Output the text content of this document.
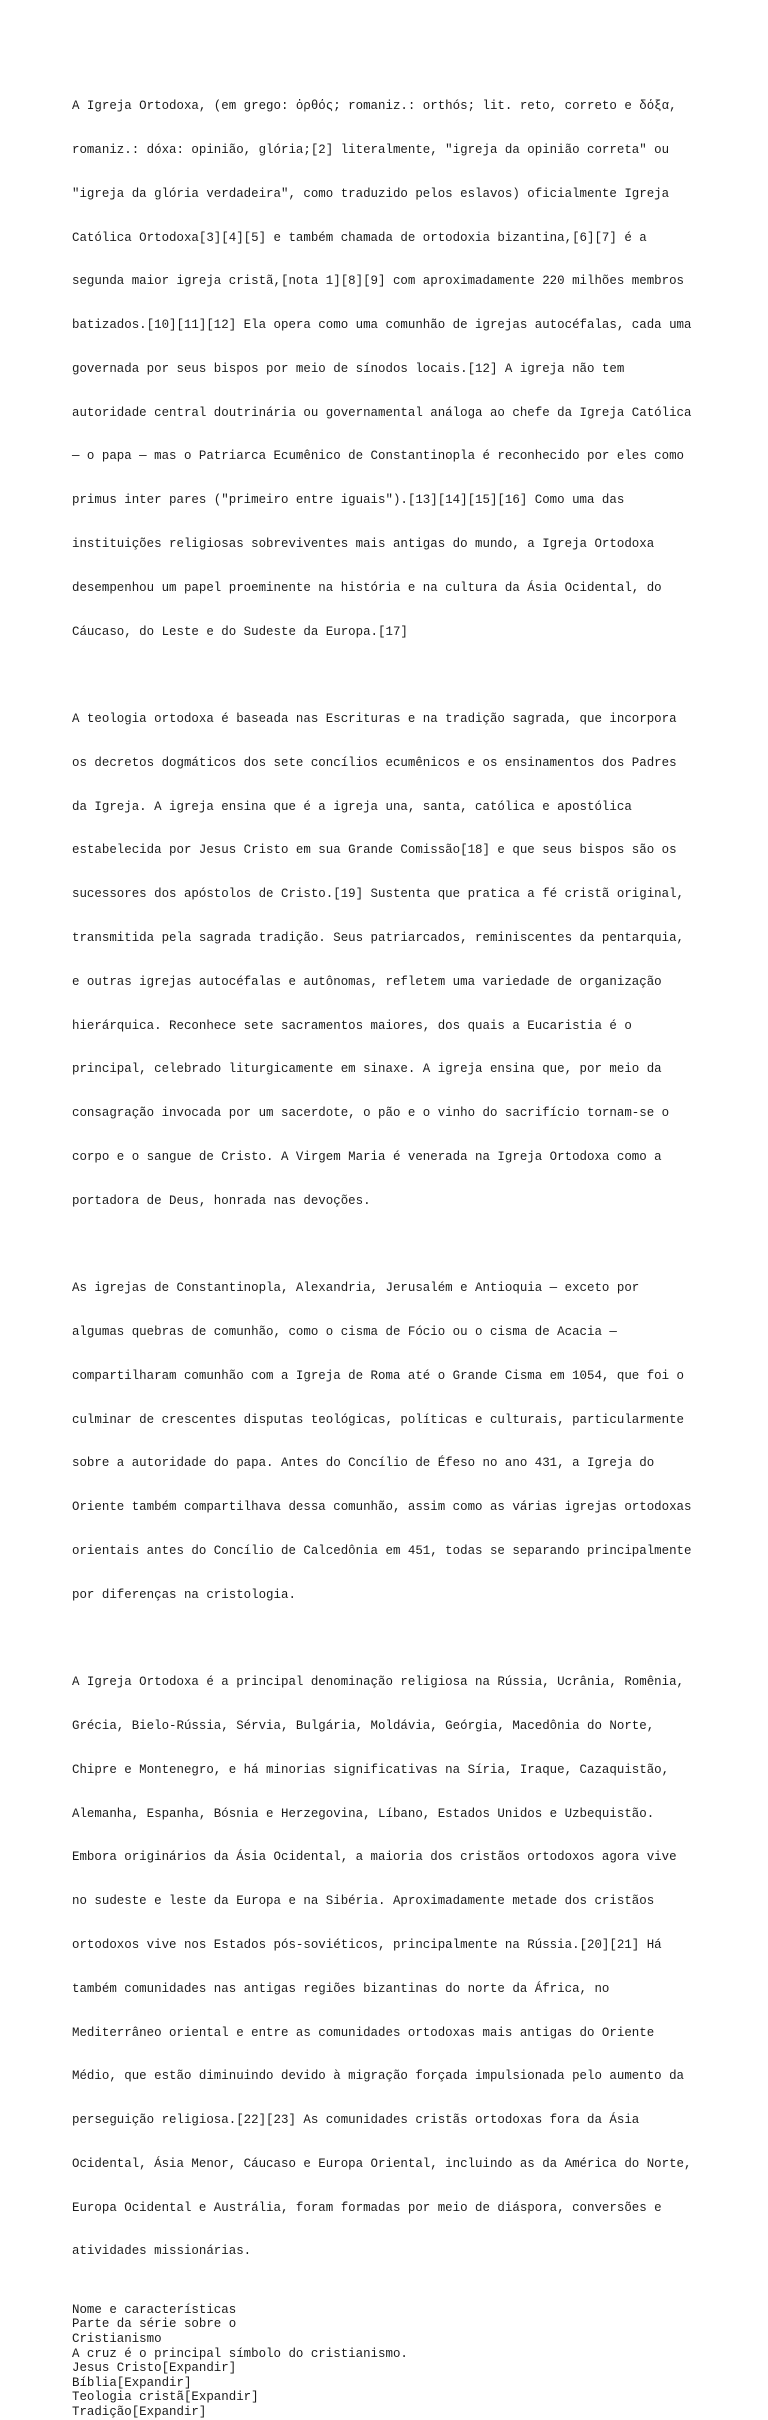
A Igreja Ortodoxa, (em grego: ὀρθός; romaniz.: orthós; lit. reto, correto e δόξα,

romaniz.: dóxa: opinião, glória;[2] literalmente, "igreja da opinião correta" ou

"igreja da glória verdadeira", como traduzido pelos eslavos) oficialmente Igreja

Católica Ortodoxa[3][4][5] e também chamada de ortodoxia bizantina,[6][7] é a

segunda maior igreja cristã,[nota 1][8][9] com aproximadamente 220 milhões membros

batizados.[10][11][12] Ela opera como uma comunhão de igrejas autocéfalas, cada uma

governada por seus bispos por meio de sínodos locais.[12] A igreja não tem

autoridade central doutrinária ou governamental análoga ao chefe da Igreja Católica

— o papa — mas o Patriarca Ecumênico de Constantinopla é reconhecido por eles como

primus inter pares ("primeiro entre iguais").[13][14][15][16] Como uma das

instituições religiosas sobreviventes mais antigas do mundo, a Igreja Ortodoxa

desempenhou um papel proeminente na história e na cultura da Ásia Ocidental, do

Cáucaso, do Leste e do Sudeste da Europa.[17]

A teologia ortodoxa é baseada nas Escrituras e na tradição sagrada, que incorpora

os decretos dogmáticos dos sete concílios ecumênicos e os ensinamentos dos Padres

da Igreja. A igreja ensina que é a igreja una, santa, católica e apostólica

estabelecida por Jesus Cristo em sua Grande Comissão[18] e que seus bispos são os

sucessores dos apóstolos de Cristo.[19] Sustenta que pratica a fé cristã original,

transmitida pela sagrada tradição. Seus patriarcados, reminiscentes da pentarquia,

e outras igrejas autocéfalas e autônomas, refletem uma variedade de organização

hierárquica. Reconhece sete sacramentos maiores, dos quais a Eucaristia é o

principal, celebrado liturgicamente em sinaxe. A igreja ensina que, por meio da

consagração invocada por um sacerdote, o pão e o vinho do sacrifício tornam-se o

corpo e o sangue de Cristo. A Virgem Maria é venerada na Igreja Ortodoxa como a

portadora de Deus, honrada nas devoções.

As igrejas de Constantinopla, Alexandria, Jerusalém e Antioquia — exceto por

algumas quebras de comunhão, como o cisma de Fócio ou o cisma de Acacia —

compartilharam comunhão com a Igreja de Roma até o Grande Cisma em 1054, que foi o

culminar de crescentes disputas teológicas, políticas e culturais, particularmente

sobre a autoridade do papa. Antes do Concílio de Éfeso no ano 431, a Igreja do

Oriente também compartilhava dessa comunhão, assim como as várias igrejas ortodoxas

orientais antes do Concílio de Calcedônia em 451, todas se separando principalmente

por diferenças na cristologia.

A Igreja Ortodoxa é a principal denominação religiosa na Rússia, Ucrânia, Romênia,

Grécia, Bielo-Rússia, Sérvia, Bulgária, Moldávia, Geórgia, Macedônia do Norte,

Chipre e Montenegro, e há minorias significativas na Síria, Iraque, Cazaquistão,

Alemanha, Espanha, Bósnia e Herzegovina, Líbano, Estados Unidos e Uzbequistão.

Embora originários da Ásia Ocidental, a maioria dos cristãos ortodoxos agora vive

no sudeste e leste da Europa e na Sibéria. Aproximadamente metade dos cristãos

ortodoxos vive nos Estados pós-soviéticos, principalmente na Rússia.[20][21] Há

também comunidades nas antigas regiões bizantinas do norte da África, no

Mediterrâneo oriental e entre as comunidades ortodoxas mais antigas do Oriente

Médio, que estão diminuindo devido à migração forçada impulsionada pelo aumento da

perseguição religiosa.[22][23] As comunidades cristãs ortodoxas fora da Ásia

Ocidental, Ásia Menor, Cáucaso e Europa Oriental, incluindo as da América do Norte,

Europa Ocidental e Austrália, foram formadas por meio de diáspora, conversões e

atividades missionárias.

Nome e características
Parte da série sobre o
Cristianismo
A cruz é o principal símbolo do cristianismo.
Jesus Cristo[Expandir]
Bíblia[Expandir]
Teologia cristã[Expandir]
Tradição[Expandir]
